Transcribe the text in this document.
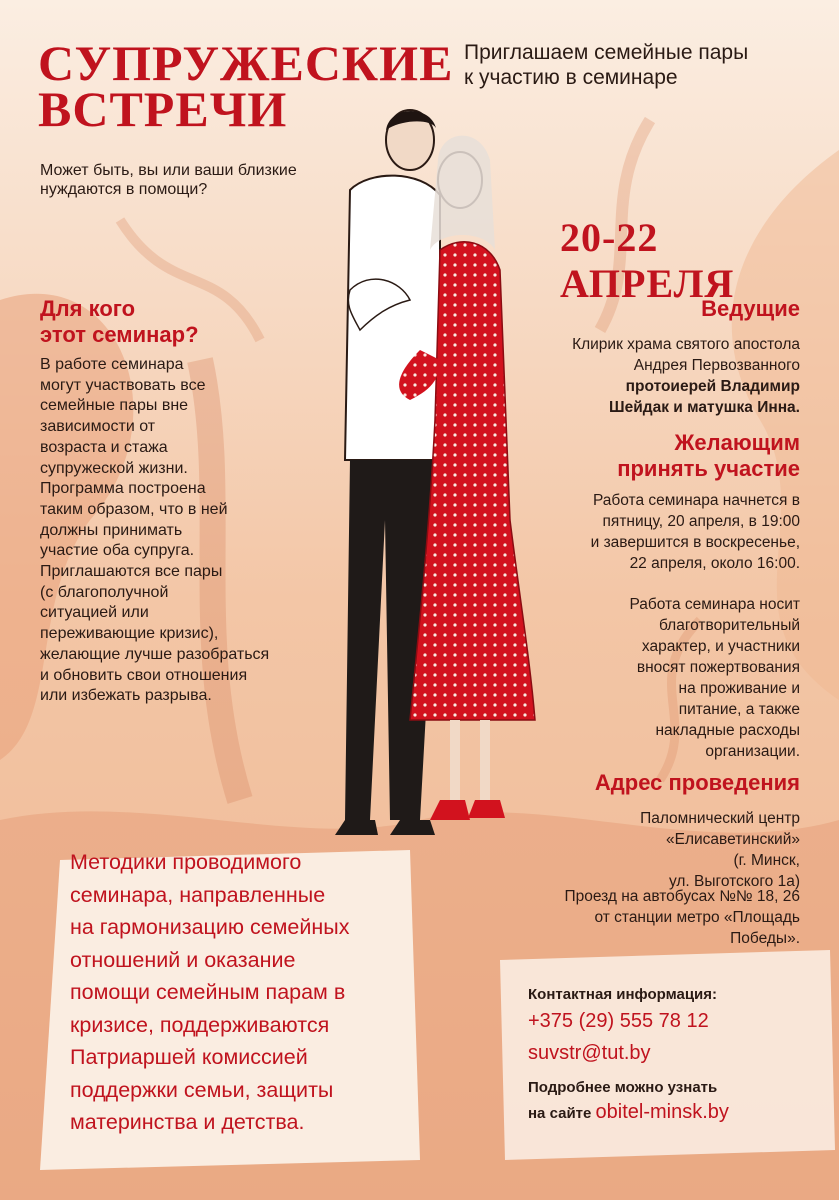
СУПРУЖЕСКИЕ
ВСТРЕЧИ

Приглашаем семейные пары
к участию в семинаре

Может быть, вы или ваши близкие
нуждаются в помощи?

20-22 АПРЕЛЯ
Для кого
этот семинар?

В работе семинара
могут участвовать все
семейные пары вне
зависимости от
возраста и стажа
супружеской жизни.
Программа построена
таким образом, что в ней
должны принимать
участие оба супруга.
Приглашаются все пары
(с благополучной
ситуацией или
переживающие кризис),
желающие лучше разобраться
и обновить свои отношения
или избежать разрыва.

Ведущие

Клирик храма святого апостола
Андрея Первозванного
протоиерей Владимир
Шейдак и матушка Инна.

Желающим
принять участие

Работа семинара начнется в
пятницу, 20 апреля, в 19:00
и завершится в воскресенье,
22 апреля, около 16:00.

Работа семинара носит
благотворительный
характер, и участники
вносят пожертвования
на проживание и
питание, а также
накладные расходы
организации.

Адрес проведения

Паломнический центр
«Елисаветинский»
(г. Минск,
ул. Выготского 1а)

Проезд на автобусах №№ 18, 26
от станции метро «Площадь
Победы».

Методики проводимого
семинара, направленные
на гармонизацию семейных
отношений и оказание
помощи семейным парам в
кризисе, поддерживаются
Патриаршей комиссией
поддержки семьи, защиты
материнства и детства.

Контактная информация:
+375 (29) 555 78 12
suvstr@tut.by
Подробнее можно узнать
на сайте obitel-minsk.by
